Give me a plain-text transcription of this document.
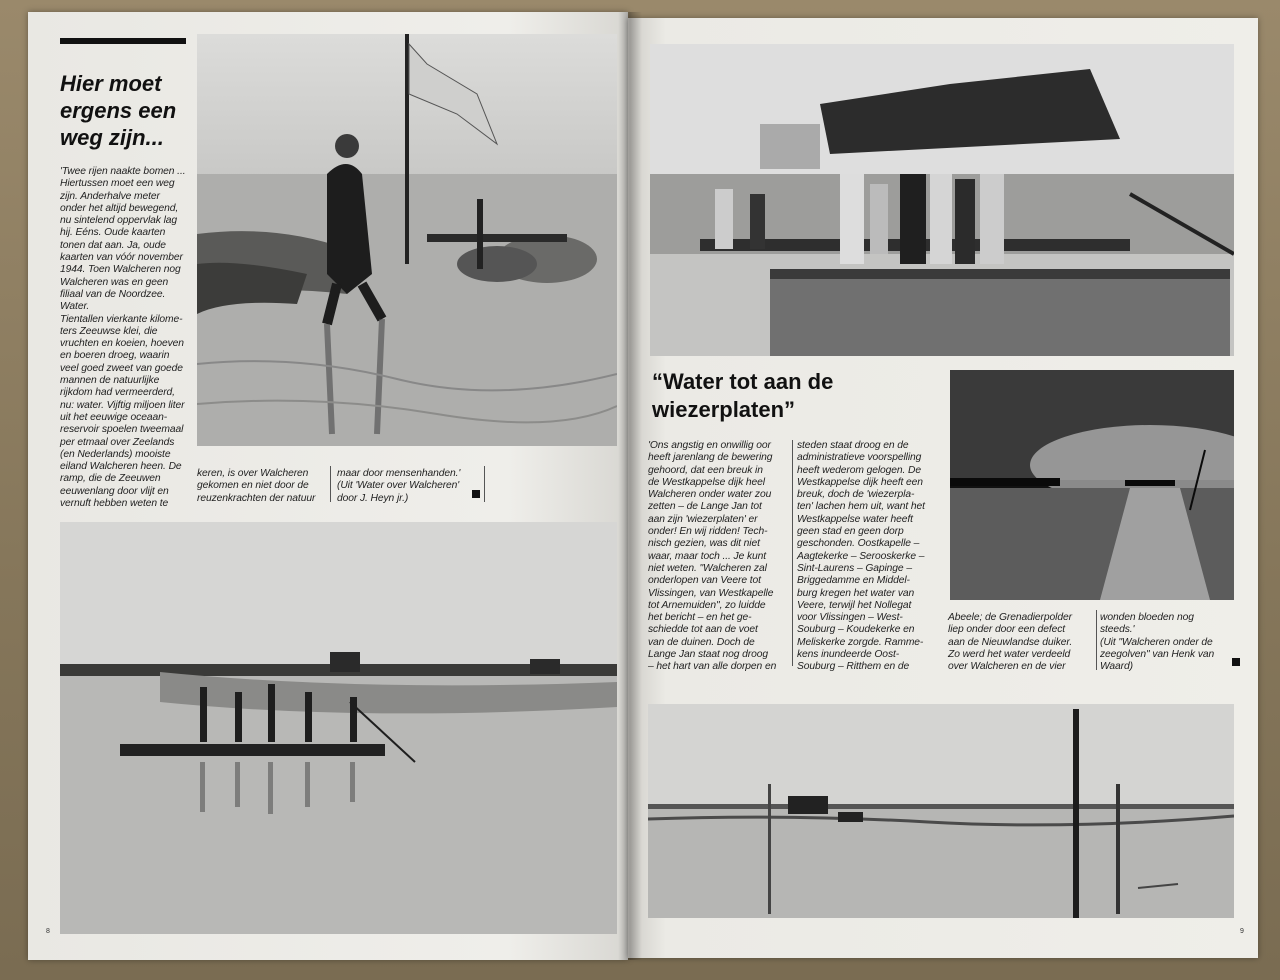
Hier moet
ergens een
weg zijn...
'Twee rijen naakte bomen ...
Hiertussen moet een weg
zijn. Anderhalve meter
onder het altijd bewegend,
nu sintelend oppervlak lag
hij. Eéns. Oude kaarten
tonen dat aan. Ja, oude
kaarten van vóór november
1944. Toen Walcheren nog
Walcheren was en geen
filiaal van de Noordzee.
Water.
Tientallen vierkante kilome-
ters Zeeuwse klei, die
vruchten en koeien, hoeven
en boeren droeg, waarin
veel goed zweet van goede
mannen de natuurlijke
rijkdom had vermeerderd,
nu: water. Vijftig miljoen liter
uit het eeuwige oceaan-
reservoir spoelen tweemaal
per etmaal over Zeelands
(en Nederlands) mooiste
eiland Walcheren heen. De
ramp, die de Zeeuwen
eeuwenlang door vlijt en
vernuft hebben weten te
keren, is over Walcheren
gekomen en niet door de
reuzenkrachten der natuur
maar door mensenhanden.'
(Uit 'Water over Walcheren'
door J. Heyn jr.)
8
“Water tot aan de
wiezerplaten”
'Ons angstig en onwillig oor
heeft jarenlang de bewering
gehoord, dat een breuk in
de Westkappelse dijk heel
Walcheren onder water zou
zetten – de Lange Jan tot
aan zijn 'wiezerplaten' er
onder! En wij ridden! Tech-
nisch gezien, was dit niet
waar, maar toch ... Je kunt
niet weten. "Walcheren zal
onderlopen van Veere tot
Vlissingen, van Westkapelle
tot Arnemuiden", zo luidde
het bericht – en het ge-
schiedde tot aan de voet
van de duinen. Doch de
Lange Jan staat nog droog
– het hart van alle dorpen en
steden staat droog en de
administratieve voorspelling
heeft wederom gelogen. De
Westkappelse dijk heeft een
breuk, doch de 'wiezerpla-
ten' lachen hem uit, want het
Westkappelse water heeft
geen stad en geen dorp
geschonden. Oostkapelle –
Aagtekerke – Serooskerke –
Sint-Laurens – Gapinge –
Briggedamme en Middel-
burg kregen het water van
Veere, terwijl het Nollegat
voor Vlissingen – West-
Souburg – Koudekerke en
Meliskerke zorgde. Ramme-
kens inundeerde Oost-
Souburg – Ritthem en de
Abeele; de Grenadierpolder
liep onder door een defect
aan de Nieuwlandse duiker.
Zo werd het water verdeeld
over Walcheren en de vier
wonden bloeden nog
steeds.'
(Uit "Walcheren onder de
zeegolven" van Henk van
Waard)
9
